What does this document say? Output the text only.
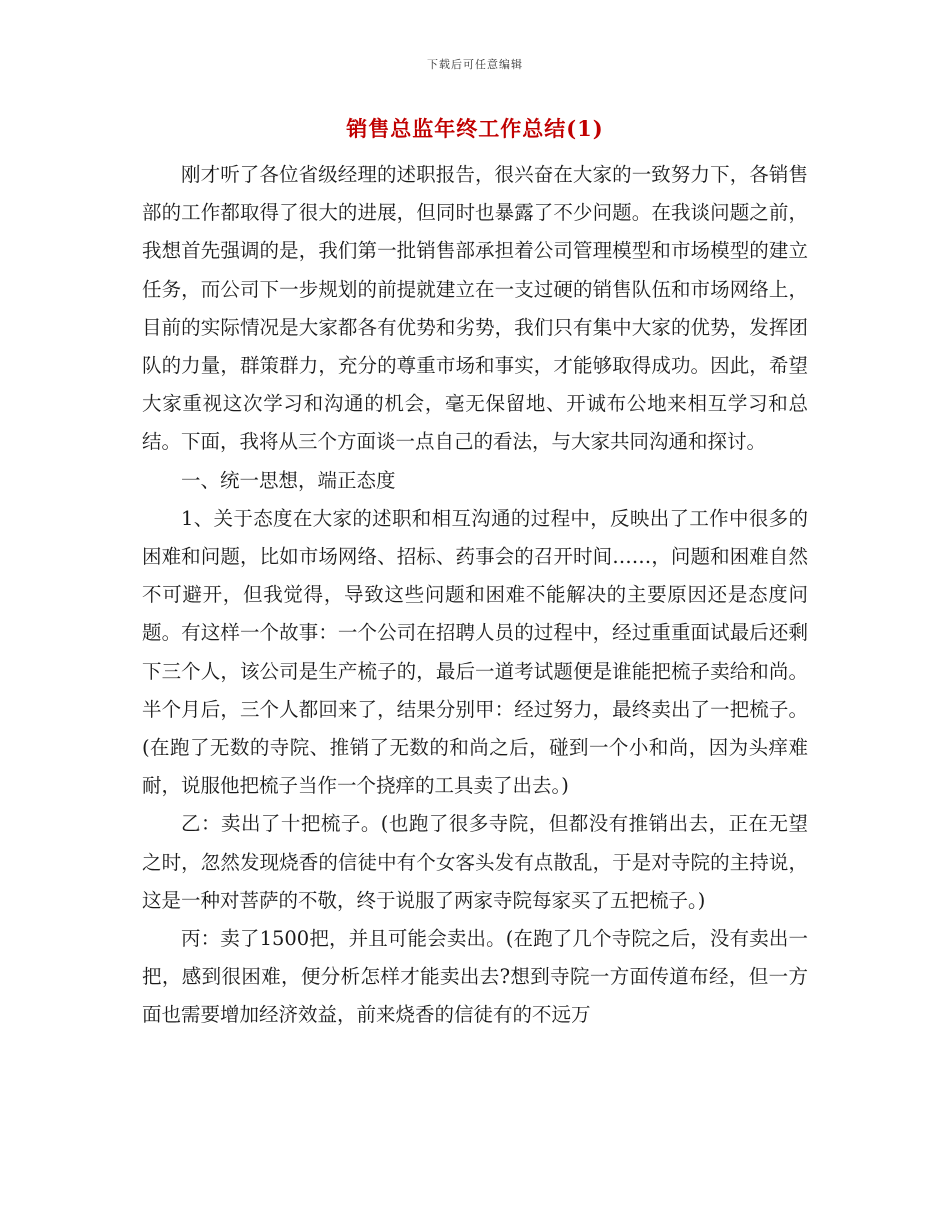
下载后可任意编辑
销售总监年终工作总结(1)

刚才听了各位省级经理的述职报告，很兴奋在大家的一致努力下，各销售部的工作都取得了很大的进展，但同时也暴露了不少问题。在我谈问题之前，我想首先强调的是，我们第一批销售部承担着公司管理模型和市场模型的建立任务，而公司下一步规划的前提就建立在一支过硬的销售队伍和市场网络上，目前的实际情况是大家都各有优势和劣势，我们只有集中大家的优势，发挥团队的力量，群策群力，充分的尊重市场和事实，才能够取得成功。因此，希望大家重视这次学习和沟通的机会，毫无保留地、开诚布公地来相互学习和总结。下面，我将从三个方面谈一点自己的看法，与大家共同沟通和探讨。

一、统一思想，端正态度

1、关于态度在大家的述职和相互沟通的过程中，反映出了工作中很多的困难和问题，比如市场网络、招标、药事会的召开时间……，问题和困难自然不可避开，但我觉得，导致这些问题和困难不能解决的主要原因还是态度问题。有这样一个故事：一个公司在招聘人员的过程中，经过重重面试最后还剩下三个人，该公司是生产梳子的，最后一道考试题便是谁能把梳子卖给和尚。半个月后，三个人都回来了，结果分别甲：经过努力，最终卖出了一把梳子。(在跑了无数的寺院、推销了无数的和尚之后，碰到一个小和尚，因为头痒难耐，说服他把梳子当作一个挠痒的工具卖了出去。)

乙：卖出了十把梳子。(也跑了很多寺院，但都没有推销出去，正在无望之时，忽然发现烧香的信徒中有个女客头发有点散乱，于是对寺院的主持说，这是一种对菩萨的不敬，终于说服了两家寺院每家买了五把梳子。)

丙：卖了1500把，并且可能会卖出。(在跑了几个寺院之后，没有卖出一把，感到很困难，便分析怎样才能卖出去?想到寺院一方面传道布经，但一方面也需要增加经济效益，前来烧香的信徒有的不远万
